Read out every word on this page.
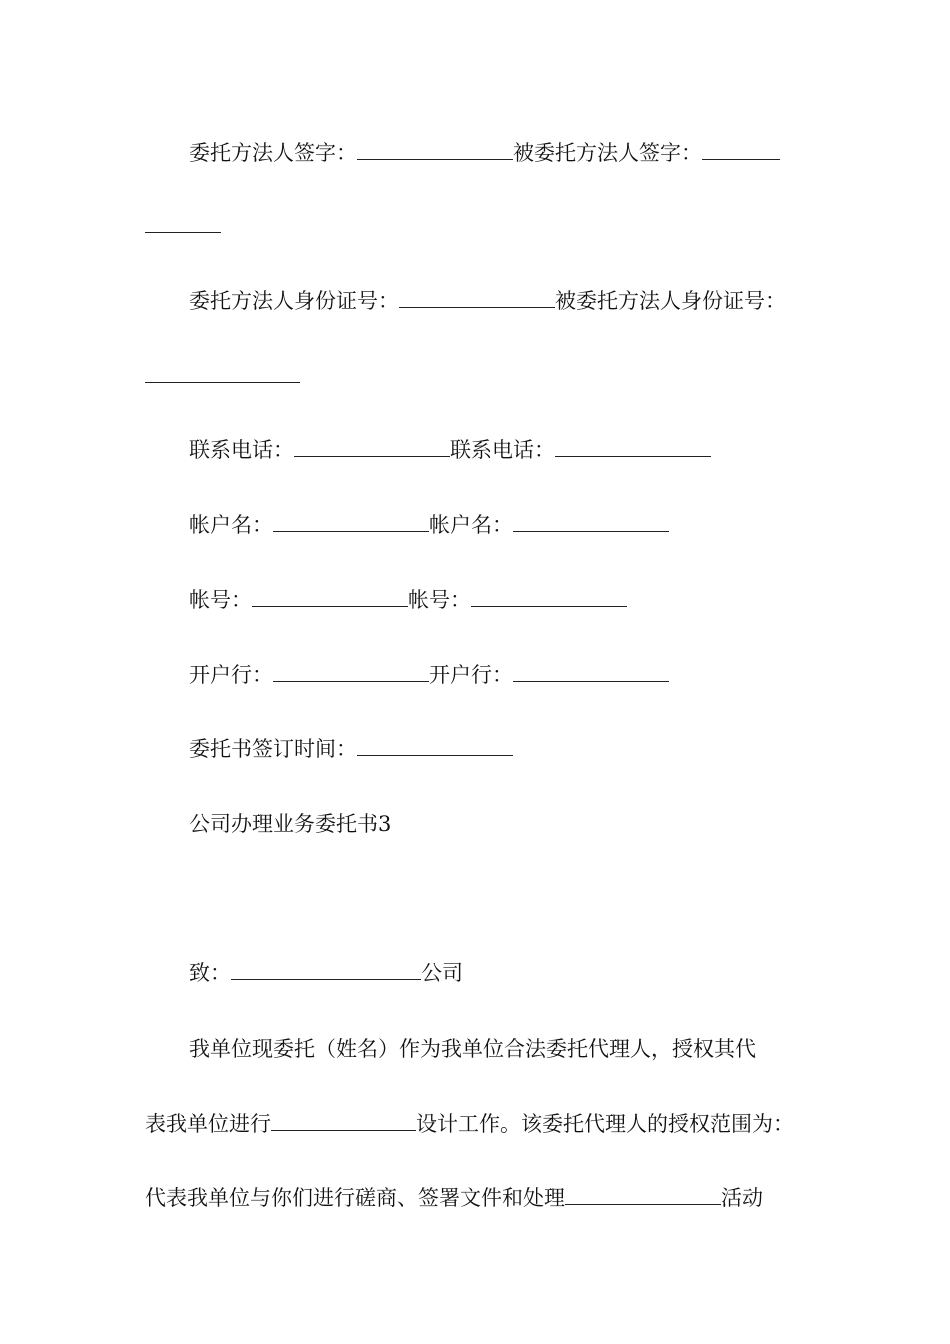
委托方法人签字：	被委托方法人签字：
委托方法人身份证号：	被委托方法人身份证号：
联系电话：	联系电话：
帐户名：	帐户名：
帐号：	帐号：
开户行：	开户行：
委托书签订时间：
公司办理业务委托书3
致：	公司
我单位现委托（姓名）作为我单位合法委托代理人，授权其代
表我单位进行	设计工作。该委托代理人的授权范围为：
代表我单位与你们进行磋商、签署文件和处理	活动
